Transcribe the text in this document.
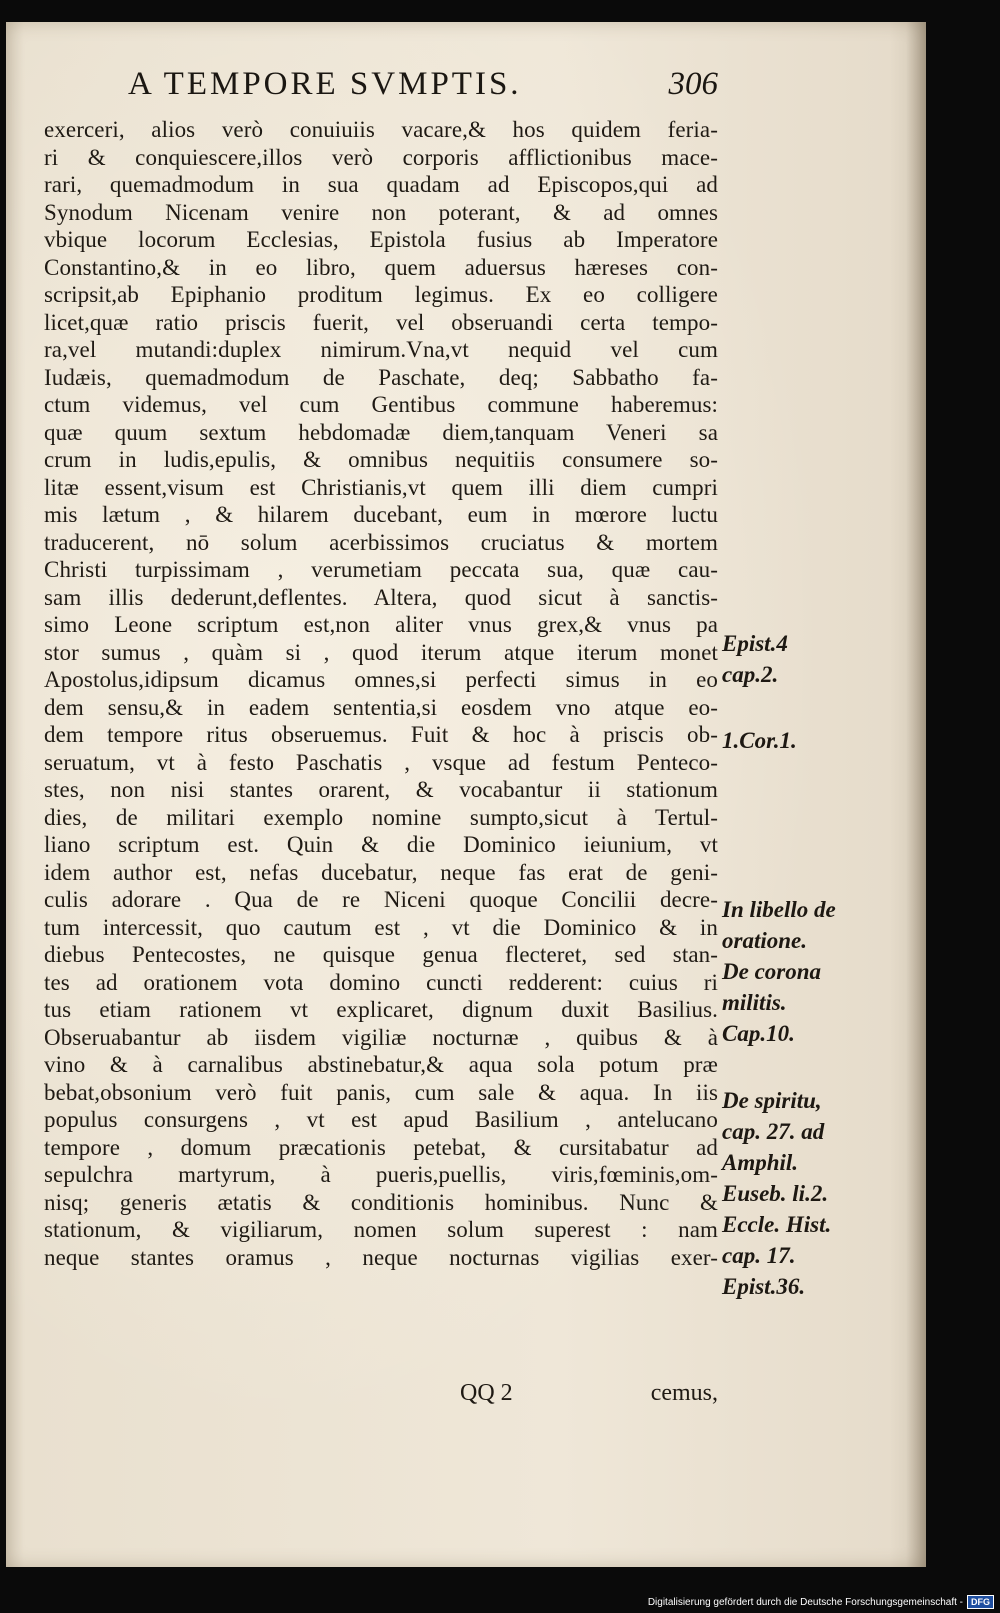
A TEMPORE SVMPTIS.	306
exerceri, alios verò conuiuiis vacare,& hos quidem feria-
ri & conquiescere,illos verò corporis afflictionibus mace-
rari, quemadmodum in sua quadam ad Episcopos,qui ad
Synodum Nicenam venire non poterant, & ad omnes
vbique locorum Ecclesias, Epistola fusius ab Imperatore
Constantino,& in eo libro, quem aduersus hæreses con-
scripsit,ab Epiphanio proditum legimus. Ex eo colligere
licet,quæ ratio priscis fuerit, vel obseruandi certa tempo-
ra,vel mutandi:duplex nimirum.Vna,vt nequid vel cum
Iudæis, quemadmodum de Paschate, deq; Sabbatho fa-
ctum videmus, vel cum Gentibus commune haberemus:
quæ quum sextum hebdomadæ diem,tanquam Veneri sa
crum in ludis,epulis, & omnibus nequitiis consumere so-
litæ essent,visum est Christianis,vt quem illi diem cumpri
mis lætum , & hilarem ducebant, eum in mœrore luctu
traducerent, nō solum acerbissimos cruciatus & mortem
Christi turpissimam , verumetiam peccata sua, quæ cau-
sam illis dederunt,deflentes. Altera, quod sicut à sanctis-
simo Leone scriptum est,non aliter vnus grex,& vnus pa
stor sumus , quàm si , quod iterum atque iterum monet
Apostolus,idipsum dicamus omnes,si perfecti simus in eo
dem sensu,& in eadem sententia,si eosdem vno atque eo-
dem tempore ritus obseruemus. Fuit & hoc à priscis ob-
seruatum, vt à festo Paschatis , vsque ad festum Penteco-
stes, non nisi stantes orarent, & vocabantur ii stationum
dies, de militari exemplo nomine sumpto,sicut à Tertul-
liano scriptum est. Quin & die Dominico ieiunium, vt
idem author est, nefas ducebatur, neque fas erat de geni-
culis adorare . Qua de re Niceni quoque Concilii decre-
tum intercessit, quo cautum est , vt die Dominico & in
diebus Pentecostes, ne quisque genua flecteret, sed stan-
tes ad orationem vota domino cuncti redderent: cuius ri
tus etiam rationem vt explicaret, dignum duxit Basilius.
Obseruabantur ab iisdem vigiliæ nocturnæ , quibus & à
vino & à carnalibus abstinebatur,& aqua sola potum præ
bebat,obsonium verò fuit panis, cum sale & aqua. In iis
populus consurgens , vt est apud Basilium , antelucano
tempore , domum præcationis petebat, & cursitabatur ad
sepulchra martyrum, à pueris,puellis, viris,fœminis,om-
nisq; generis ætatis & conditionis hominibus. Nunc &
stationum, & vigiliarum, nomen solum superest : nam
neque stantes oramus , neque nocturnas vigilias exer-
Epist.4
cap.2.
1.Cor.1.
In libello de
oratione.
De corona
militis.
Cap.10.
De spiritu,
cap. 27. ad
Amphil.
Euseb. li.2.
Eccle. Hist.
cap. 17.
Epist.36.
QQ 2	cemus,
Digitalisierung gefördert durch die Deutsche Forschungsgemeinschaft - DFG
